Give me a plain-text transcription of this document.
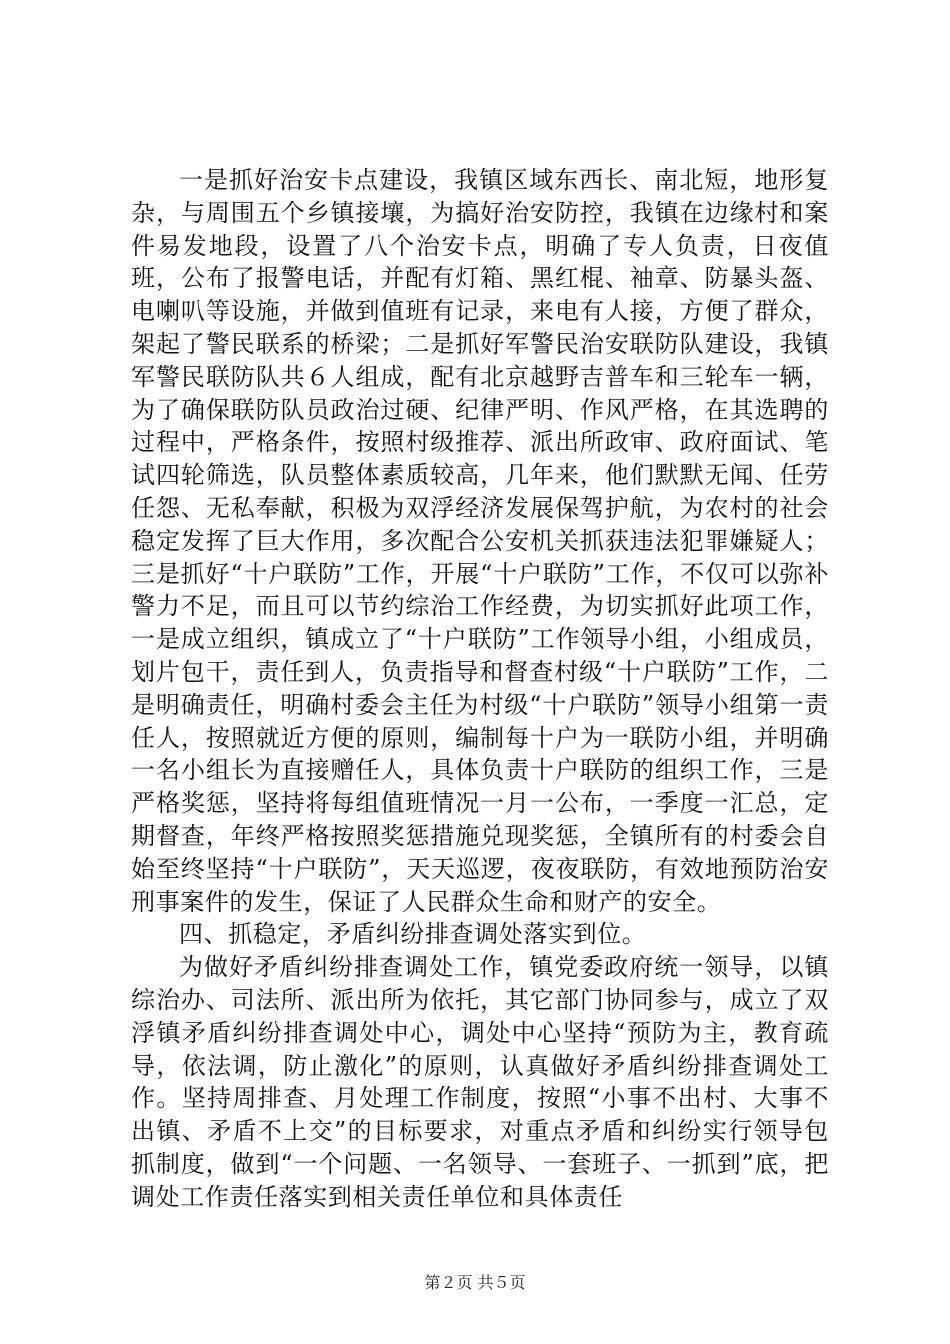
一是抓好治安卡点建设，我镇区域东西长、南北短，地形复杂，与周围五个乡镇接壤，为搞好治安防控，我镇在边缘村和案件易发地段，设置了八个治安卡点，明确了专人负责，日夜值班，公布了报警电话，并配有灯箱、黑红棍、袖章、防暴头盔、电喇叭等设施，并做到值班有记录，来电有人接，方便了群众，架起了警民联系的桥梁；二是抓好军警民治安联防队建设，我镇军警民联防队共６人组成，配有北京越野吉普车和三轮车一辆，为了确保联防队员政治过硬、纪律严明、作风严格，在其选聘的过程中，严格条件，按照村级推荐、派出所政审、政府面试、笔试四轮筛选，队员整体素质较高，几年来，他们默默无闻、任劳任怨、无私奉献，积极为双浮经济发展保驾护航，为农村的社会稳定发挥了巨大作用，多次配合公安机关抓获违法犯罪嫌疑人；三是抓好“十户联防”工作，开展“十户联防”工作，不仅可以弥补警力不足，而且可以节约综治工作经费，为切实抓好此项工作，一是成立组织，镇成立了“十户联防”工作领导小组，小组成员，划片包干，责任到人，负责指导和督查村级“十户联防”工作，二是明确责任，明确村委会主任为村级“十户联防”领导小组第一责任人，按照就近方便的原则，编制每十户为一联防小组，并明确一名小组长为直接赠任人，具体负责十户联防的组织工作，三是严格奖惩，坚持将每组值班情况一月一公布，一季度一汇总，定期督查，年终严格按照奖惩措施兑现奖惩，全镇所有的村委会自始至终坚持“十户联防”，天天巡逻，夜夜联防，有效地预防治安刑事案件的发生，保证了人民群众生命和财产的安全。

四、抓稳定，矛盾纠纷排查调处落实到位。

为做好矛盾纠纷排查调处工作，镇党委政府统一领导，以镇综治办、司法所、派出所为依托，其它部门协同参与，成立了双浮镇矛盾纠纷排查调处中心，调处中心坚持“预防为主，教育疏导，依法调，防止激化”的原则，认真做好矛盾纠纷排查调处工作。坚持周排查、月处理工作制度，按照“小事不出村、大事不出镇、矛盾不上交”的目标要求，对重点矛盾和纠纷实行领导包抓制度，做到“一个问题、一名领导、一套班子、一抓到”底，把调处工作责任落实到相关责任单位和具体责任

第２页 共５页
